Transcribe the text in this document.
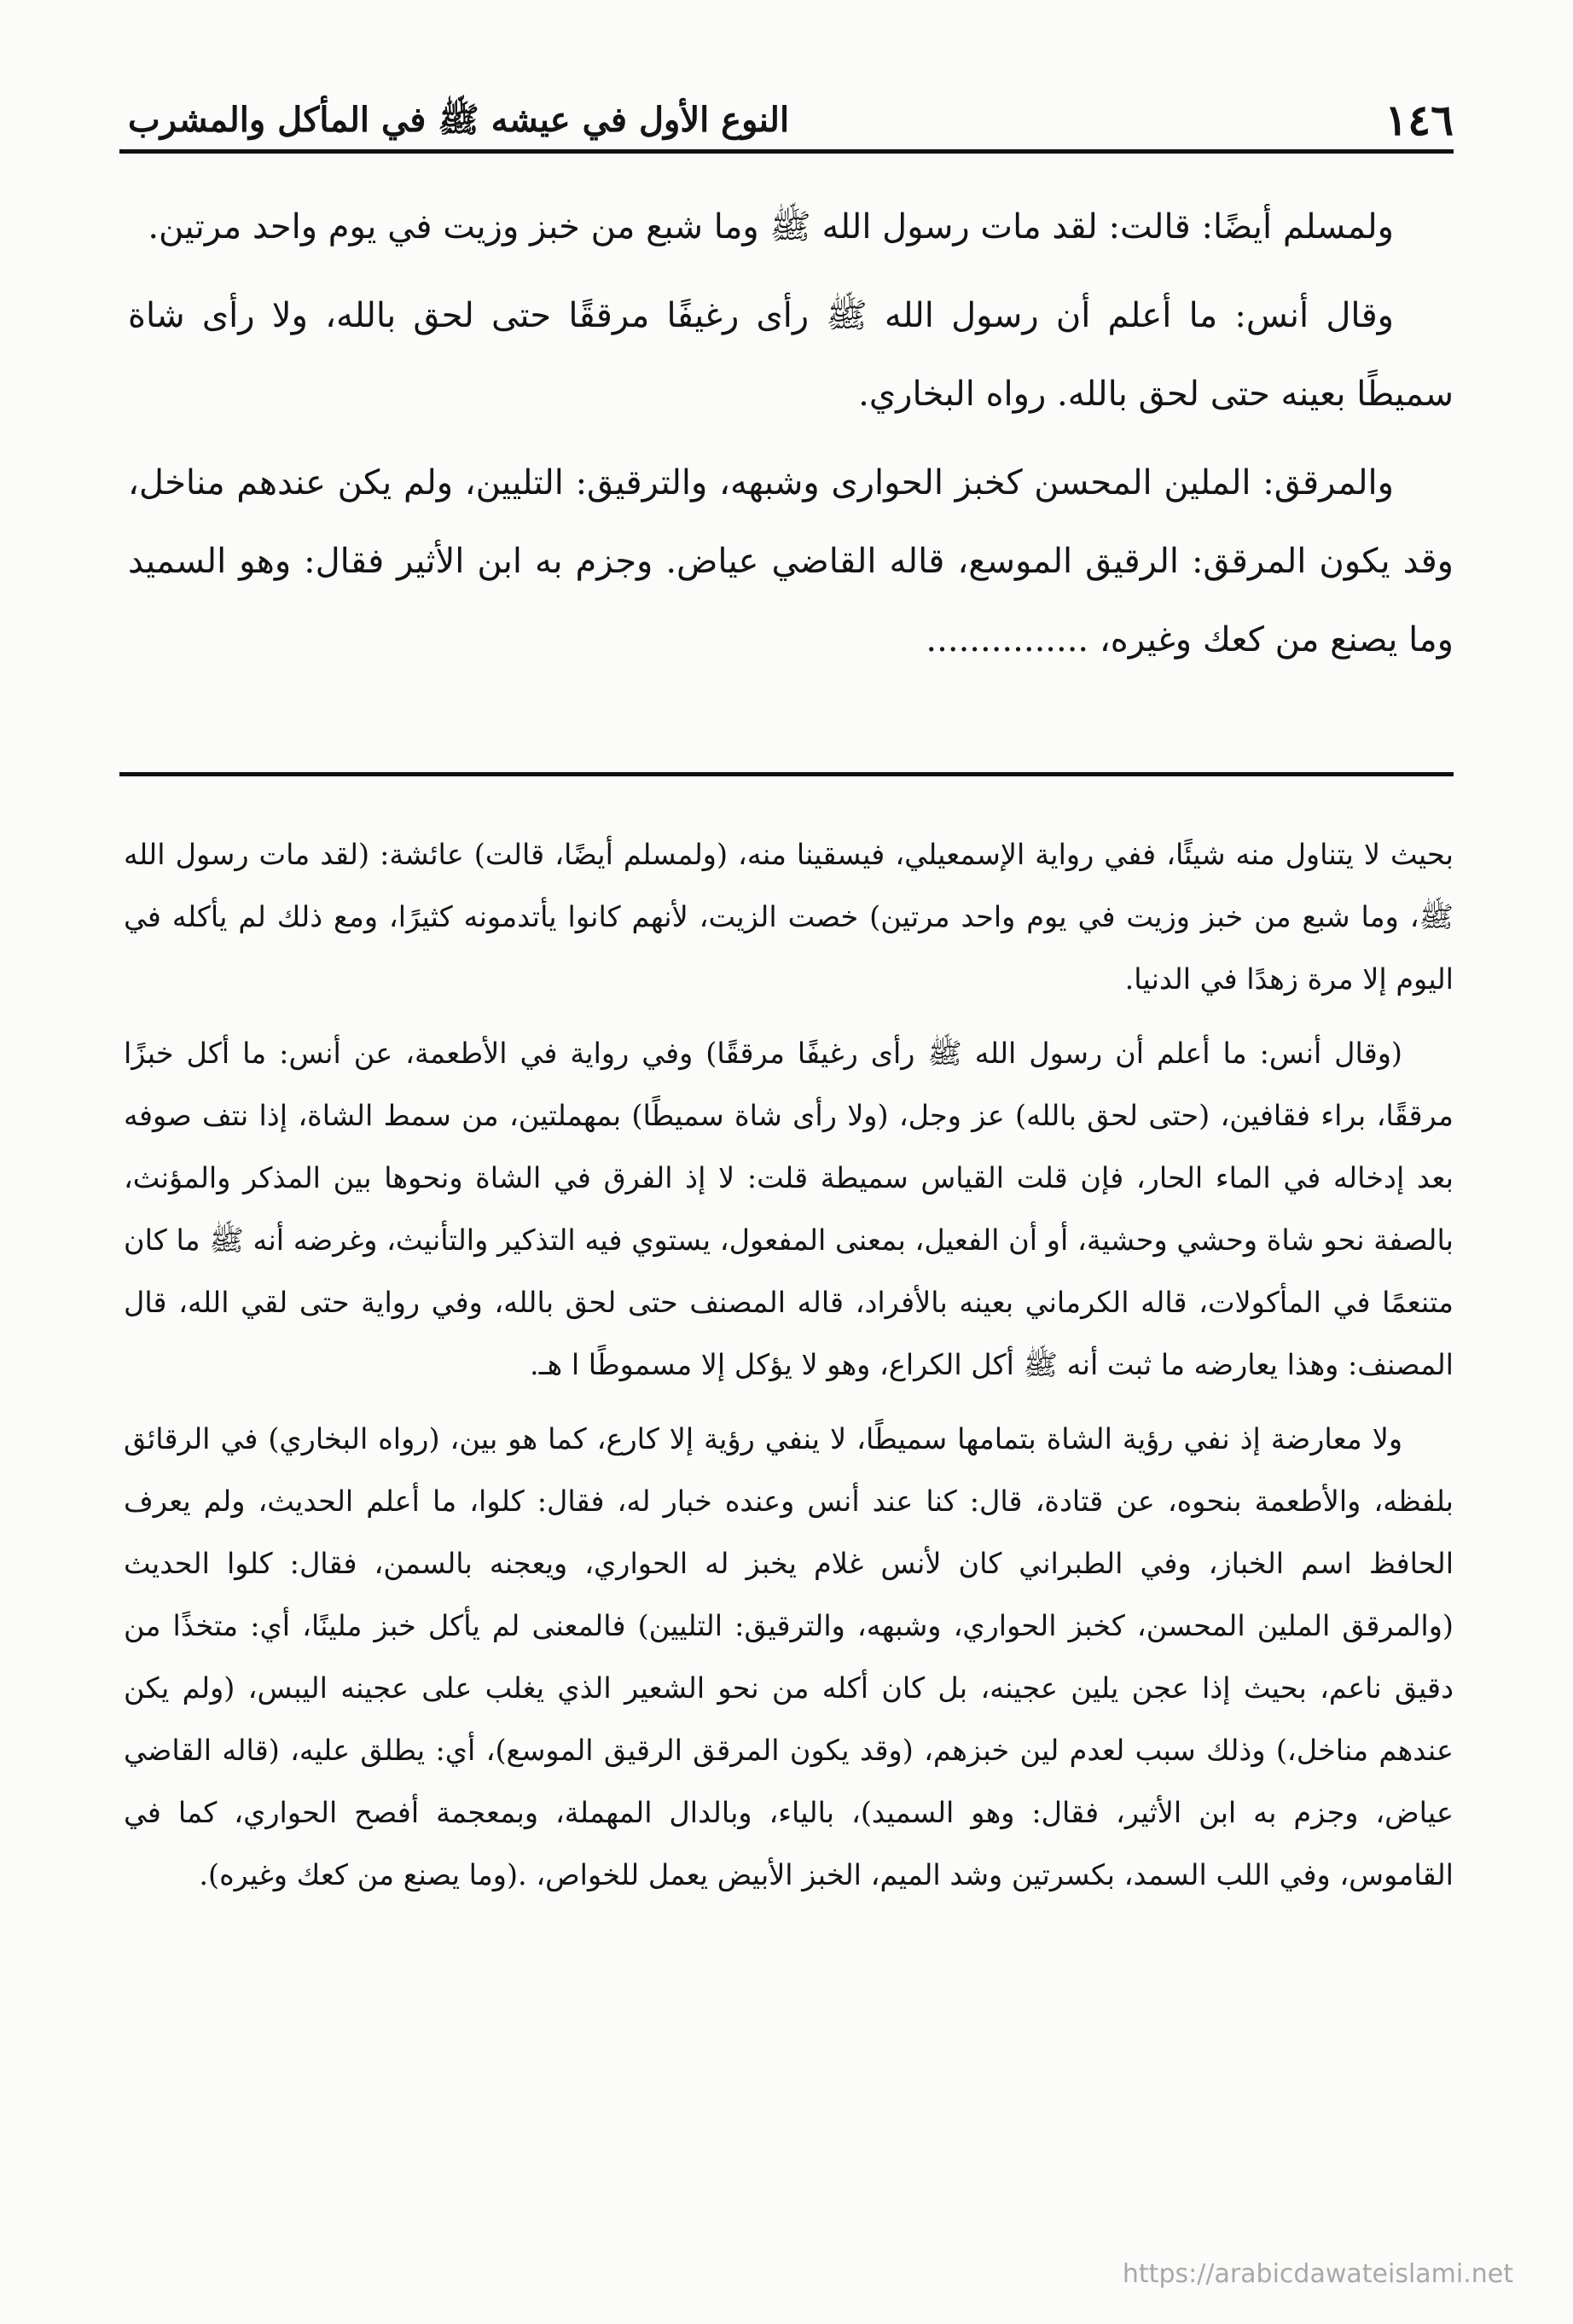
١٤٦
النوع الأول في عيشه ﷺ في المأكل والمشرب

ولمسلم أيضًا: قالت: لقد مات رسول الله ﷺ وما شبع من خبز وزيت في يوم واحد مرتين.

وقال أنس: ما أعلم أن رسول الله ﷺ رأى رغيفًا مرققًا حتى لحق بالله، ولا رأى شاة سميطًا بعينه حتى لحق بالله. رواه البخاري.

والمرقق: الملين المحسن كخبز الحوارى وشبهه، والترقيق: التليين، ولم يكن عندهم مناخل، وقد يكون المرقق: الرقيق الموسع، قاله القاضي عياض. وجزم به ابن الأثير فقال: وهو السميد وما يصنع من كعك وغيره، ...............

بحيث لا يتناول منه شيئًا، ففي رواية الإسمعيلي، فيسقينا منه، (ولمسلم أيضًا، قالت) عائشة: (لقد مات رسول الله ﷺ، وما شبع من خبز وزيت في يوم واحد مرتين) خصت الزيت، لأنهم كانوا يأتدمونه كثيرًا، ومع ذلك لم يأكله في اليوم إلا مرة زهدًا في الدنيا.

(وقال أنس: ما أعلم أن رسول الله ﷺ رأى رغيفًا مرققًا) وفي رواية في الأطعمة، عن أنس: ما أكل خبزًا مرققًا، براء فقافين، (حتى لحق بالله) عز وجل، (ولا رأى شاة سميطًا) بمهملتين، من سمط الشاة، إذا نتف صوفه بعد إدخاله في الماء الحار، فإن قلت القياس سميطة قلت: لا إذ الفرق في الشاة ونحوها بين المذكر والمؤنث، بالصفة نحو شاة وحشي وحشية، أو أن الفعيل، بمعنى المفعول، يستوي فيه التذكير والتأنيث، وغرضه أنه ﷺ ما كان متنعمًا في المأكولات، قاله الكرماني بعينه بالأفراد، قاله المصنف حتى لحق بالله، وفي رواية حتى لقي الله، قال المصنف: وهذا يعارضه ما ثبت أنه ﷺ أكل الكراع، وهو لا يؤكل إلا مسموطًا ا هـ.

ولا معارضة إذ نفي رؤية الشاة بتمامها سميطًا، لا ينفي رؤية إلا كارع، كما هو بين، (رواه البخاري) في الرقائق بلفظه، والأطعمة بنحوه، عن قتادة، قال: كنا عند أنس وعنده خبار له، فقال: كلوا، ما أعلم الحديث، ولم يعرف الحافظ اسم الخباز، وفي الطبراني كان لأنس غلام يخبز له الحواري، ويعجنه بالسمن، فقال: كلوا الحديث (والمرقق الملين المحسن، كخبز الحواري، وشبهه، والترقيق: التليين) فالمعنى لم يأكل خبز ملينًا، أي: متخذًا من دقيق ناعم، بحيث إذا عجن يلين عجينه، بل كان أكله من نحو الشعير الذي يغلب على عجينه اليبس، (ولم يكن عندهم مناخل،) وذلك سبب لعدم لين خبزهم، (وقد يكون المرقق الرقيق الموسع)، أي: يطلق عليه، (قاله القاضي عياض، وجزم به ابن الأثير، فقال: وهو السميد)، بالياء، وبالدال المهملة، وبمعجمة أفصح الحواري، كما في القاموس، وفي اللب السمد، بكسرتين وشد الميم، الخبز الأبيض يعمل للخواص، .(وما يصنع من كعك وغيره).

https://arabicdawateislami.net
